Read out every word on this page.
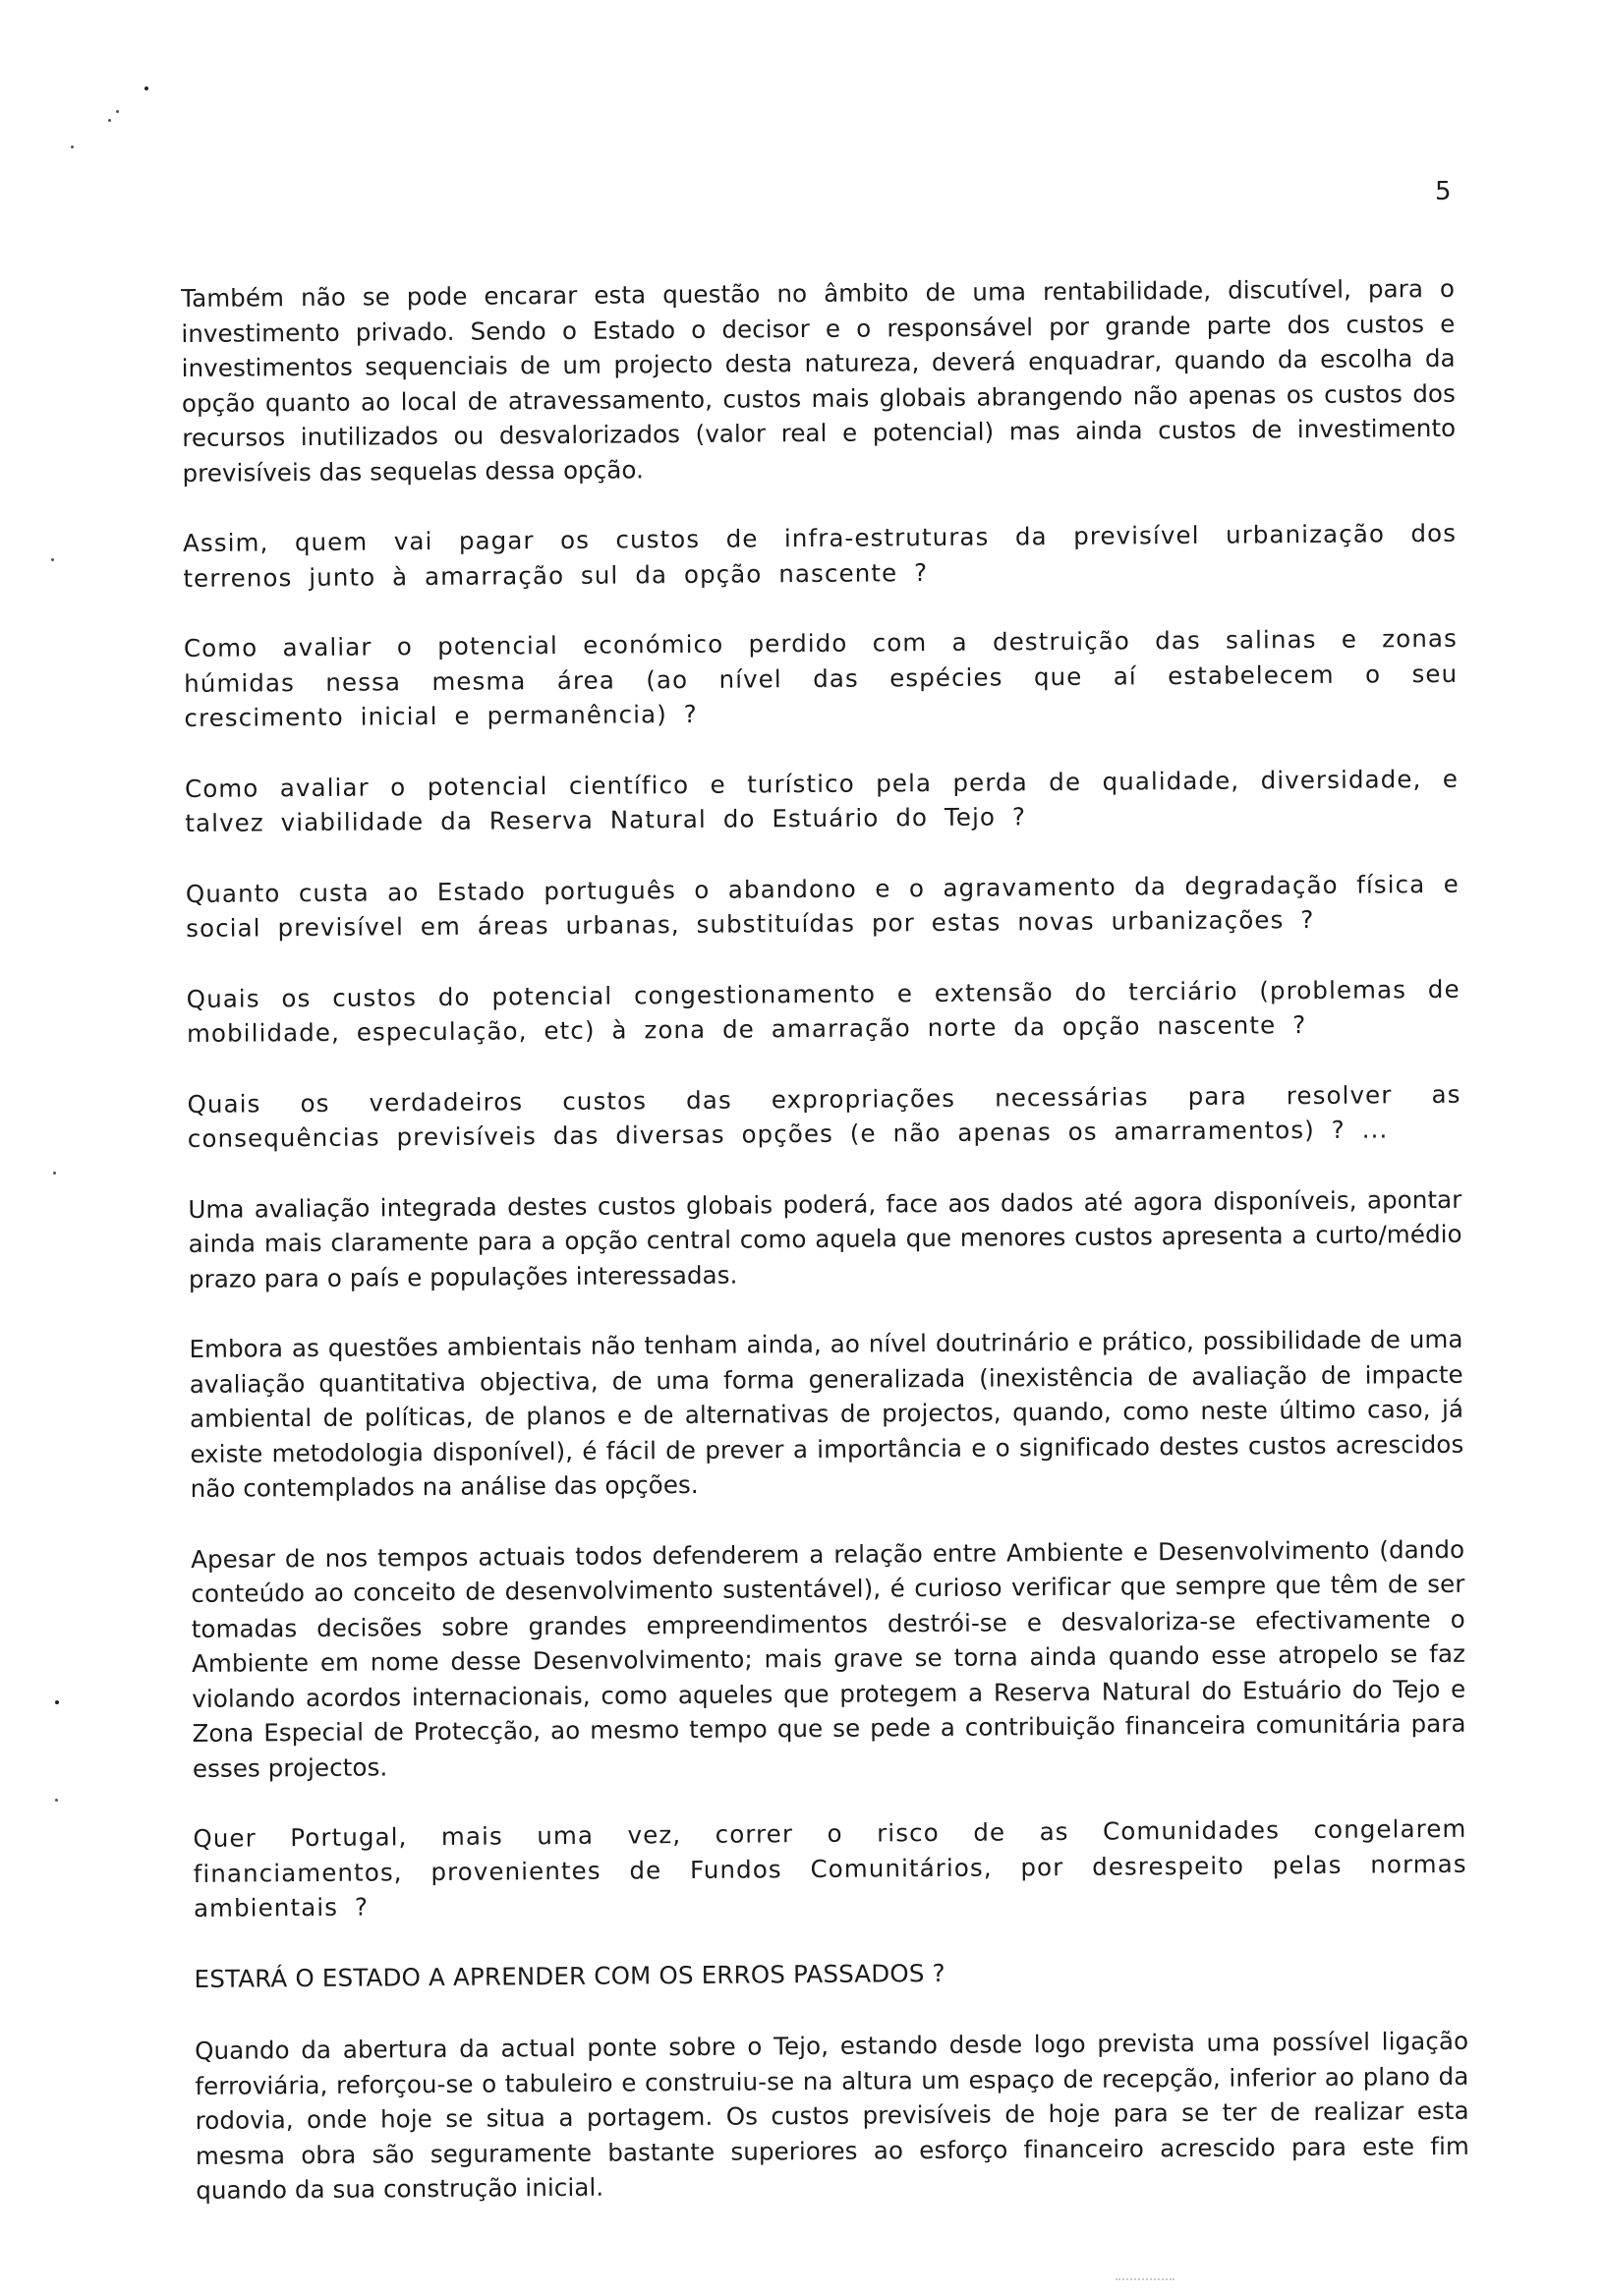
5

Também não se pode encarar esta questão no âmbito de uma rentabilidade, discutível, para o investimento privado. Sendo o Estado o decisor e o responsável por grande parte dos custos e investimentos sequenciais de um projecto desta natureza, deverá enquadrar, quando da escolha da opção quanto ao local de atravessamento, custos mais globais abrangendo não apenas os custos dos recursos inutilizados ou desvalorizados (valor real e potencial) mas ainda custos de investimento previsíveis das sequelas dessa opção.

Assim, quem vai pagar os custos de infra-estruturas da previsível urbanização dos terrenos junto à amarração sul da opção nascente ?

Como avaliar o potencial económico perdido com a destruição das salinas e zonas húmidas nessa mesma área (ao nível das espécies que aí estabelecem o seu crescimento inicial e permanência) ?

Como avaliar o potencial científico e turístico pela perda de qualidade, diversidade, e talvez viabilidade da Reserva Natural do Estuário do Tejo ?

Quanto custa ao Estado português o abandono e o agravamento da degradação física e social previsível em áreas urbanas, substituídas por estas novas urbanizações ?

Quais os custos do potencial congestionamento e extensão do terciário (problemas de mobilidade, especulação, etc) à zona de amarração norte da opção nascente ?

Quais os verdadeiros custos das expropriações necessárias para resolver as consequências previsíveis das diversas opções (e não apenas os amarramentos) ? ...

Uma avaliação integrada destes custos globais poderá, face aos dados até agora disponíveis, apontar ainda mais claramente para a opção central como aquela que menores custos apresenta a curto/médio prazo para o país e populações interessadas.

Embora as questões ambientais não tenham ainda, ao nível doutrinário e prático, possibilidade de uma avaliação quantitativa objectiva, de uma forma generalizada (inexistência de avaliação de impacte ambiental de políticas, de planos e de alternativas de projectos, quando, como neste último caso, já existe metodologia disponível), é fácil de prever a importância e o significado destes custos acrescidos não contemplados na análise das opções.

Apesar de nos tempos actuais todos defenderem a relação entre Ambiente e Desenvolvimento (dando conteúdo ao conceito de desenvolvimento sustentável), é curioso verificar que sempre que têm de ser tomadas decisões sobre grandes empreendimentos destrói-se e desvaloriza-se efectivamente o Ambiente em nome desse Desenvolvimento; mais grave se torna ainda quando esse atropelo se faz violando acordos internacionais, como aqueles que protegem a Reserva Natural do Estuário do Tejo e Zona Especial de Protecção, ao mesmo tempo que se pede a contribuição financeira comunitária para esses projectos.

Quer Portugal, mais uma vez, correr o risco de as Comunidades congelarem financiamentos, provenientes de Fundos Comunitários, por desrespeito pelas normas ambientais ?

ESTARÁ O ESTADO A APRENDER COM OS ERROS PASSADOS ?

Quando da abertura da actual ponte sobre o Tejo, estando desde logo prevista uma possível ligação ferroviária, reforçou-se o tabuleiro e construiu-se na altura um espaço de recepção, inferior ao plano da rodovia, onde hoje se situa a portagem. Os custos previsíveis de hoje para se ter de realizar esta mesma obra são seguramente bastante superiores ao esforço financeiro acrescido para este fim quando da sua construção inicial.
